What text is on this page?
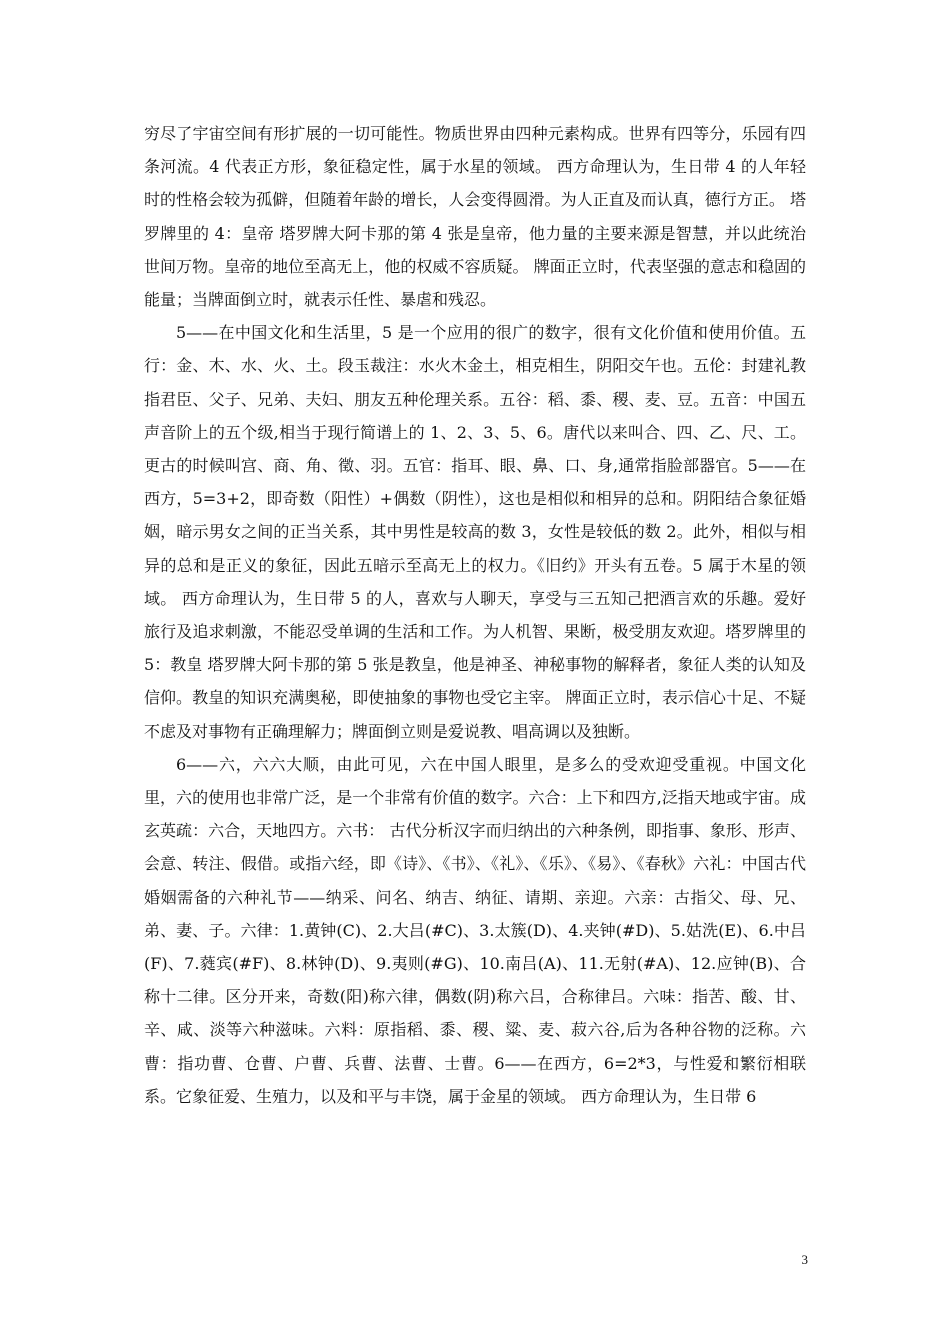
穷尽了宇宙空间有形扩展的一切可能性。物质世界由四种元素构成。世界有四等分，乐园有四条河流。4 代表正方形，象征稳定性，属于水星的领域。 西方命理认为，生日带 4 的人年轻时的性格会较为孤僻，但随着年龄的增长，人会变得圆滑。为人正直及而认真，德行方正。 塔罗牌里的 4：皇帝 塔罗牌大阿卡那的第 4 张是皇帝，他力量的主要来源是智慧，并以此统治世间万物。皇帝的地位至高无上，他的权威不容质疑。 牌面正立时，代表坚强的意志和稳固的能量；当牌面倒立时，就表示任性、暴虐和残忍。

5——在中国文化和生活里，5 是一个应用的很广的数字，很有文化价值和使用价值。五行：金、木、水、火、土。段玉裁注：水火木金土，相克相生，阴阳交午也。五伦：封建礼教指君臣、父子、兄弟、夫妇、朋友五种伦理关系。五谷：稻、黍、稷、麦、豆。五音：中国五声音阶上的五个级,相当于现行简谱上的 1、2、3、5、6。唐代以来叫合、四、乙、尺、工。更古的时候叫宫、商、角、徵、羽。五官：指耳、眼、鼻、口、身,通常指脸部器官。5——在西方，5=3+2，即奇数（阳性）+偶数（阴性），这也是相似和相异的总和。阴阳结合象征婚姻，暗示男女之间的正当关系，其中男性是较高的数 3，女性是较低的数 2。此外，相似与相异的总和是正义的象征，因此五暗示至高无上的权力。《旧约》开头有五卷。5 属于木星的领域。 西方命理认为，生日带 5 的人，喜欢与人聊天，享受与三五知己把酒言欢的乐趣。爱好旅行及追求刺激，不能忍受单调的生活和工作。为人机智、果断，极受朋友欢迎。塔罗牌里的 5：教皇 塔罗牌大阿卡那的第 5 张是教皇，他是神圣、神秘事物的解释者，象征人类的认知及信仰。教皇的知识充满奥秘，即使抽象的事物也受它主宰。 牌面正立时，表示信心十足、不疑不虑及对事物有正确理解力；牌面倒立则是爱说教、唱高调以及独断。

6——六，六六大顺，由此可见，六在中国人眼里，是多么的受欢迎受重视。中国文化里，六的使用也非常广泛，是一个非常有价值的数字。六合：上下和四方,泛指天地或宇宙。成玄英疏：六合，天地四方。六书： 古代分析汉字而归纳出的六种条例，即指事、象形、形声、会意、转注、假借。或指六经，即《诗》、《书》、《礼》、《乐》、《易》、《春秋》六礼：中国古代婚姻需备的六种礼节——纳采、问名、纳吉、纳征、请期、亲迎。六亲：古指父、母、兄、弟、妻、子。六律：1.黄钟(C)、2.大吕(#C)、3.太簇(D)、4.夹钟(#D)、5.姑洗(E)、6.中吕(F)、7.蕤宾(#F)、8.林钟(D)、9.夷则(#G)、10.南吕(A)、11.无射(#A)、12.应钟(B)、合称十二律。区分开来，奇数(阳)称六律，偶数(阴)称六吕，合称律吕。六味：指苦、酸、甘、辛、咸、淡等六种滋味。六料：原指稻、黍、稷、粱、麦、菽六谷,后为各种谷物的泛称。六曹：指功曹、仓曹、户曹、兵曹、法曹、士曹。6——在西方，6=2*3，与性爱和繁衍相联系。它象征爱、生殖力，以及和平与丰饶，属于金星的领域。 西方命理认为，生日带 6

3
